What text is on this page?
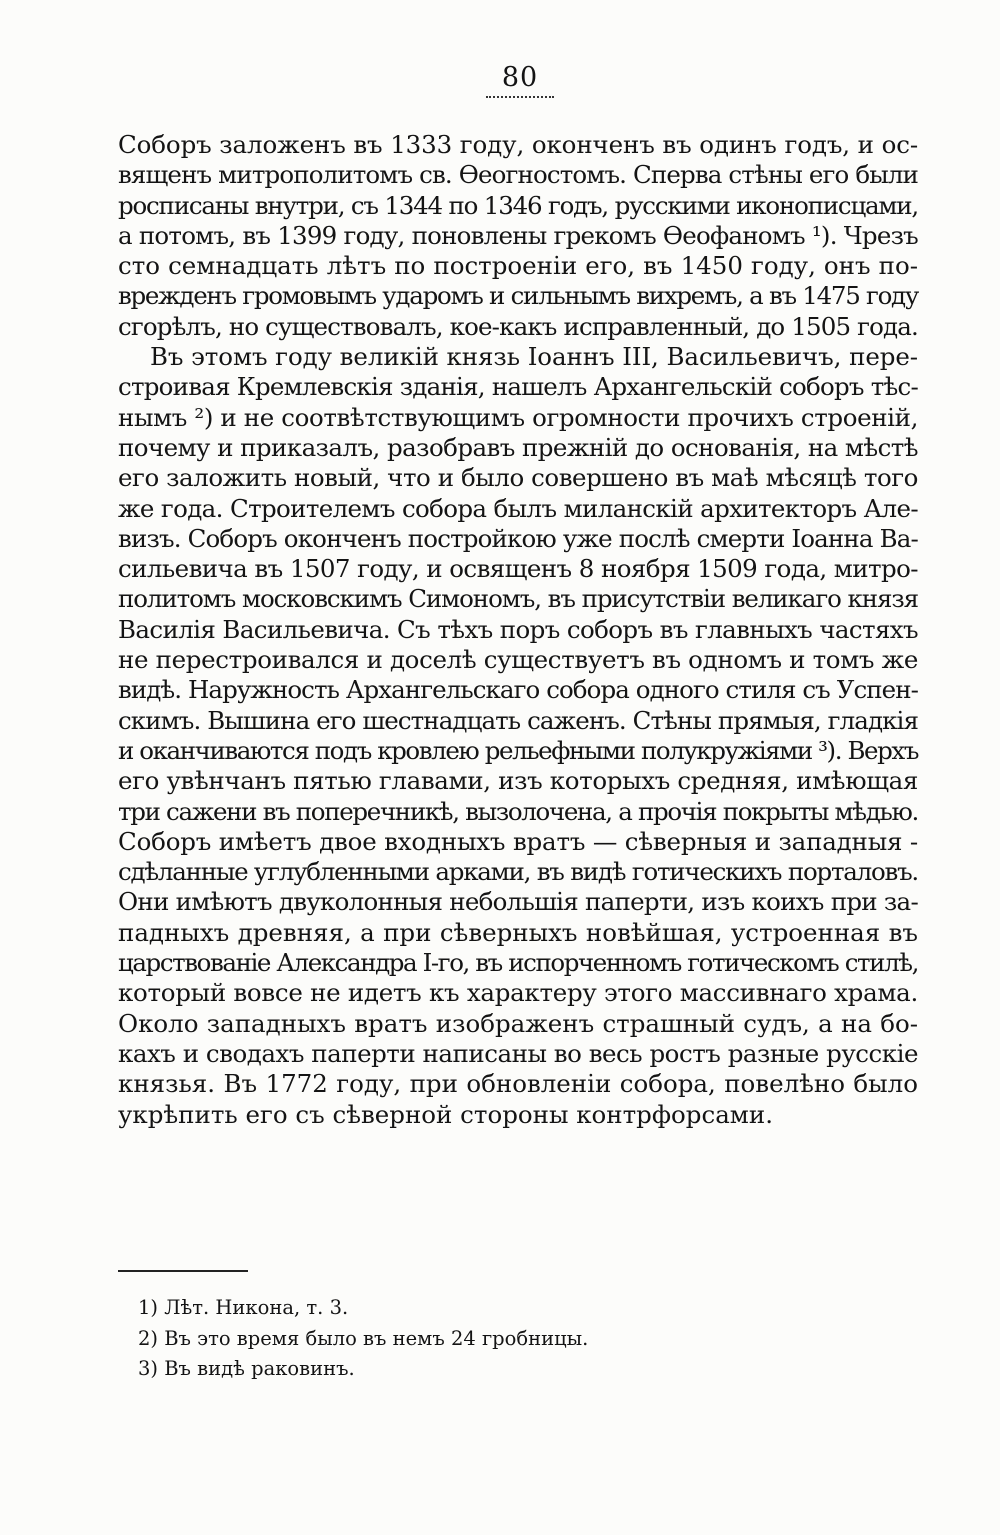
80
Соборъ заложенъ въ 1333 году, оконченъ въ одинъ годъ, и ос-
вященъ митрополитомъ св. Өеогностомъ. Сперва стѣны его были
росписаны внутри, съ 1344 по 1346 годъ, русскими иконописцами,
а потомъ, въ 1399 году, поновлены грекомъ Өеофаномъ ¹). Чрезъ
сто семнадцать лѣтъ по построеніи его, въ 1450 году, онъ по-
врежденъ громовымъ ударомъ и сильнымъ вихремъ, а въ 1475 году
сгорѣлъ, но существовалъ, кое-какъ исправленный, до 1505 года.
Въ этомъ году великій князь Іоаннъ III, Васильевичъ, пере-
строивая Кремлевскія зданія, нашелъ Архангельскій соборъ тѣс-
нымъ ²) и не соотвѣтствующимъ огромности прочихъ строеній,
почему и приказалъ, разобравъ прежній до основанія, на мѣстѣ
его заложить новый, что и было совершено въ маѣ мѣсяцѣ того
же года. Строителемъ собора былъ миланскій архитекторъ Але-
визъ. Соборъ оконченъ постройкою уже послѣ смерти Іоанна Ва-
сильевича въ 1507 году, и освященъ 8 ноября 1509 года, митро-
политомъ московскимъ Симономъ, въ присутствіи великаго князя
Василія Васильевича. Съ тѣхъ поръ соборъ въ главныхъ частяхъ
не перестроивался и доселѣ существуетъ въ одномъ и томъ же
видѣ. Наружность Архангельскаго собора одного стиля съ Успен-
скимъ. Вышина его шестнадцать саженъ. Стѣны прямыя, гладкія
и оканчиваются подъ кровлею рельефными полукружіями ³). Верхъ
его увѣнчанъ пятью главами, изъ которыхъ средняя, имѣющая
три сажени въ поперечникѣ, вызолочена, а прочія покрыты мѣдью.
Соборъ имѣетъ двое входныхъ вратъ — сѣверныя и западныя -
сдѣланные углубленными арками, въ видѣ готическихъ порталовъ.
Они имѣютъ двуколонныя небольшія паперти, изъ коихъ при за-
падныхъ древняя, а при сѣверныхъ новѣйшая, устроенная въ
царствованіе Александра I-го, въ испорченномъ готическомъ стилѣ,
который вовсе не идетъ къ характеру этого массивнаго храма.
Около западныхъ вратъ изображенъ страшный судъ, а на бо-
кахъ и сводахъ паперти написаны во весь ростъ разные русскіе
князья. Въ 1772 году, при обновленіи собора, повелѣно было
укрѣпить его съ сѣверной стороны контрфорсами.
1) Лѣт. Никона, т. 3.
2) Въ это время было въ немъ 24 гробницы.
3) Въ видѣ раковинъ.
